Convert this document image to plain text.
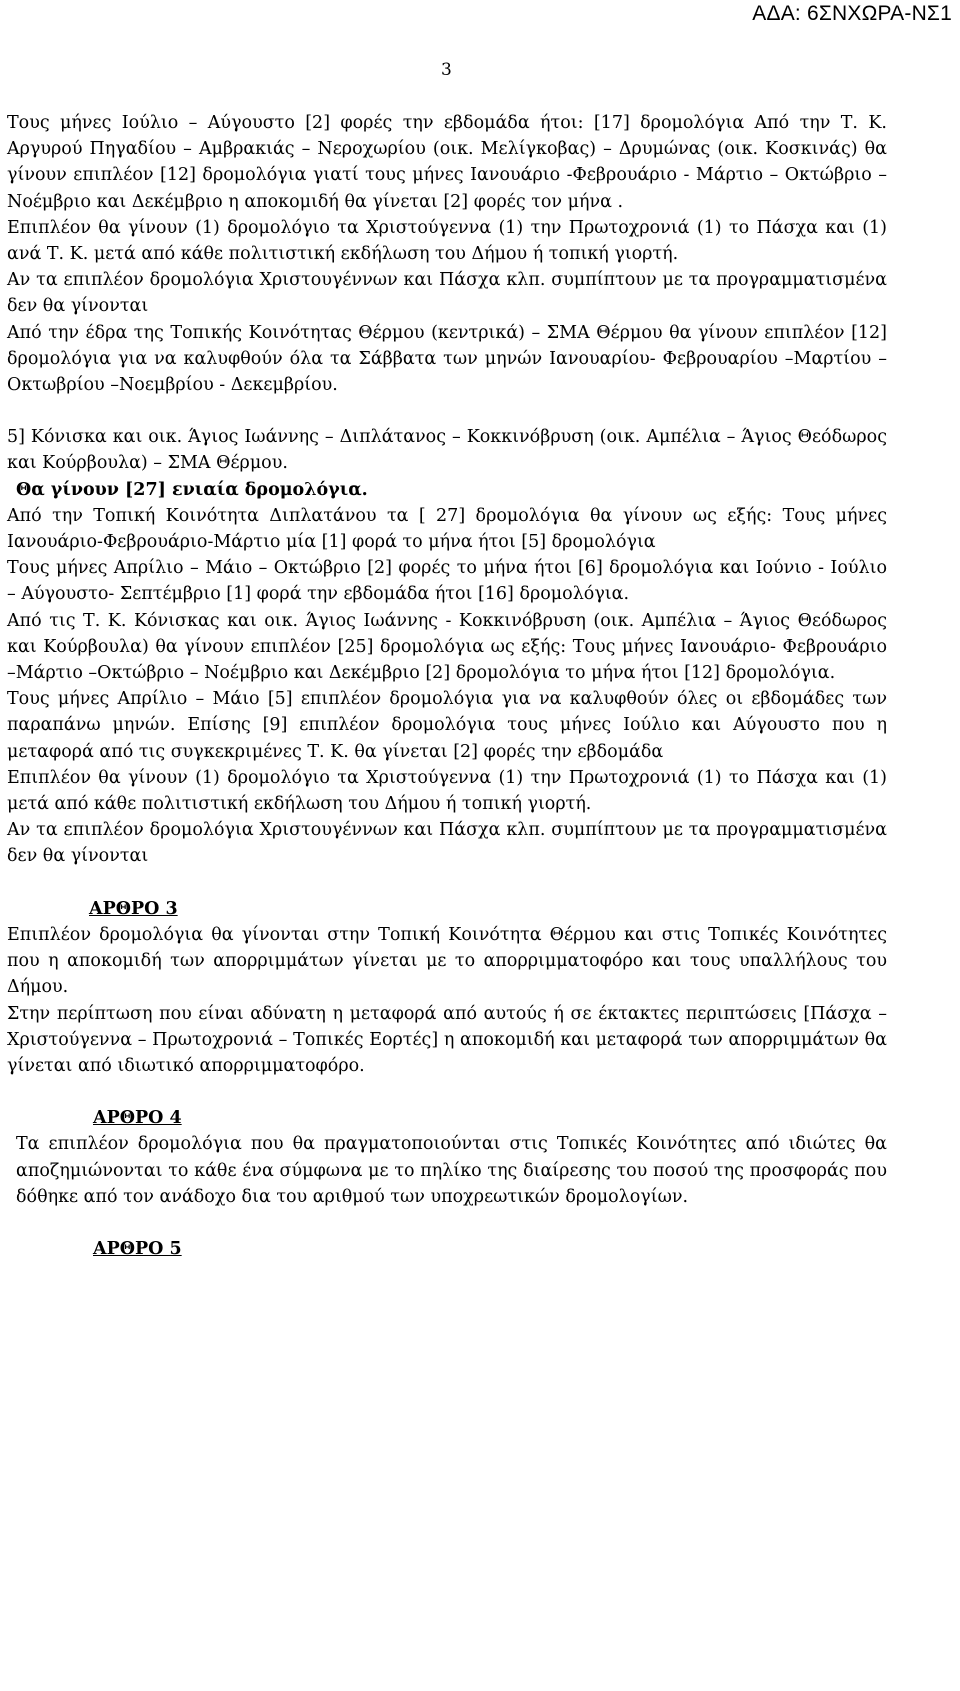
ΑΔΑ: 6ΣΝΧΩΡΑ-ΝΣ1
3

Τους μήνες Ιούλιο – Αύγουστο [2] φορές την εβδομάδα ήτοι: [17] δρομολόγια Από την Τ. Κ. Αργυρού Πηγαδίου – Αμβρακιάς – Νεροχωρίου (οικ. Μελίγκοβας) – Δρυμώνας (οικ. Κοσκινάς) θα γίνουν επιπλέον [12] δρομολόγια γιατί τους μήνες Ιανουάριο -Φεβρουάριο - Μάρτιο – Οκτώβριο – Νοέμβριο και Δεκέμβριο η αποκομιδή θα γίνεται [2] φορές τον μήνα .

Επιπλέον θα γίνουν (1) δρομολόγιο τα Χριστούγεννα (1) την Πρωτοχρονιά (1) το Πάσχα και (1) ανά Τ. Κ. μετά από κάθε πολιτιστική εκδήλωση του Δήμου ή τοπική γιορτή.

Αν τα επιπλέον δρομολόγια Χριστουγέννων και Πάσχα κλπ. συμπίπτουν με τα προγραμματισμένα δεν θα γίνονται

Από την έδρα της Τοπικής Κοινότητας Θέρμου (κεντρικά) – ΣΜΑ Θέρμου θα γίνουν επιπλέον [12] δρομολόγια για να καλυφθούν όλα τα Σάββατα των μηνών Ιανουαρίου- Φεβρουαρίου –Μαρτίου – Οκτωβρίου –Νοεμβρίου - Δεκεμβρίου.

5] Κόνισκα και οικ. Άγιος Ιωάννης – Διπλάτανος – Κοκκινόβρυση (οικ. Αμπέλια – Άγιος Θεόδωρος και Κούρβουλα) – ΣΜΑ Θέρμου.

Θα γίνουν [27] ενιαία δρομολόγια.

Από την Τοπική Κοινότητα Διπλατάνου τα [ 27] δρομολόγια θα γίνουν ως εξής: Τους μήνες Ιανουάριο-Φεβρουάριο-Μάρτιο μία [1] φορά το μήνα ήτοι [5] δρομολόγια

Τους μήνες Απρίλιο – Μάιο – Οκτώβριο [2] φορές το μήνα ήτοι [6] δρομολόγια και Ιούνιο - Ιούλιο – Αύγουστο- Σεπτέμβριο [1] φορά την εβδομάδα ήτοι [16] δρομολόγια.

Από τις Τ. Κ. Κόνισκας και οικ. Άγιος Ιωάννης - Κοκκινόβρυση (οικ. Αμπέλια – Άγιος Θεόδωρος και Κούρβουλα) θα γίνουν επιπλέον [25] δρομολόγια ως εξής: Τους μήνες Ιανουάριο- Φεβρουάριο –Μάρτιο –Οκτώβριο – Νοέμβριο και Δεκέμβριο [2] δρομολόγια το μήνα ήτοι [12] δρομολόγια.

Τους μήνες Απρίλιο – Μάιο [5] επιπλέον δρομολόγια για να καλυφθούν όλες οι εβδομάδες των παραπάνω μηνών. Επίσης [9] επιπλέον δρομολόγια τους μήνες Ιούλιο και Αύγουστο που η μεταφορά από τις συγκεκριμένες Τ. Κ. θα γίνεται [2] φορές την εβδομάδα

Επιπλέον θα γίνουν (1) δρομολόγιο τα Χριστούγεννα (1) την Πρωτοχρονιά (1) το Πάσχα και (1) μετά από κάθε πολιτιστική εκδήλωση του Δήμου ή τοπική γιορτή.

Αν τα επιπλέον δρομολόγια Χριστουγέννων και Πάσχα κλπ. συμπίπτουν με τα προγραμματισμένα δεν θα γίνονται

ΑΡΘΡΟ 3

Επιπλέον δρομολόγια θα γίνονται στην Τοπική Κοινότητα Θέρμου και στις Τοπικές Κοινότητες που η αποκομιδή των απορριμμάτων γίνεται με το απορριμματοφόρο και τους υπαλλήλους του Δήμου.

Στην περίπτωση που είναι αδύνατη η μεταφορά από αυτούς ή σε έκτακτες περιπτώσεις [Πάσχα – Χριστούγεννα – Πρωτοχρονιά – Τοπικές Εορτές] η αποκομιδή και μεταφορά των απορριμμάτων θα γίνεται από ιδιωτικό απορριμματοφόρο.

ΑΡΘΡΟ 4

Τα επιπλέον δρομολόγια που θα πραγματοποιούνται στις Τοπικές Κοινότητες από ιδιώτες θα αποζημιώνονται το κάθε ένα σύμφωνα με το πηλίκο της διαίρεσης του ποσού της προσφοράς που δόθηκε από τον ανάδοχο δια του αριθμού των υποχρεωτικών δρομολογίων.

ΑΡΘΡΟ 5
